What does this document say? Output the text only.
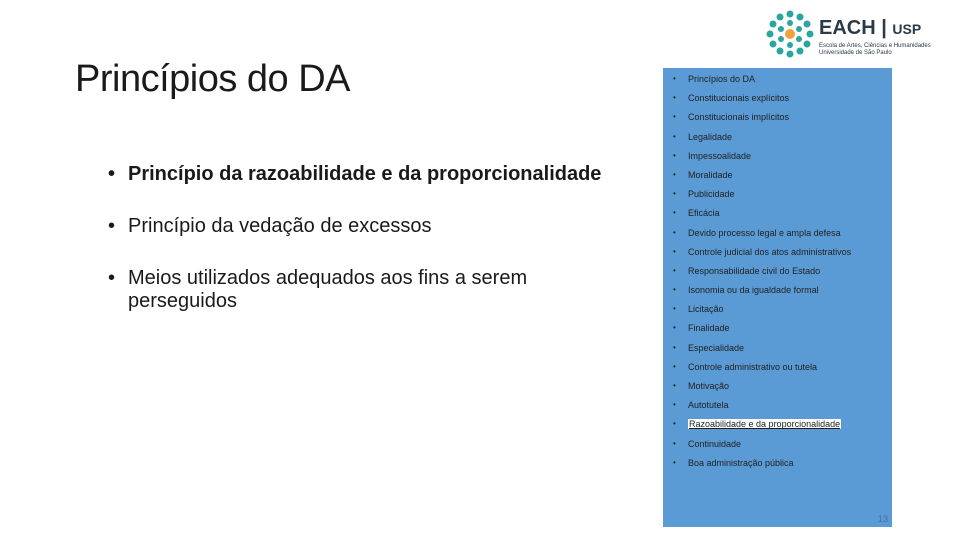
Princípios do DA
• Princípio da razoabilidade e da proporcionalidade
• Princípio da vedação de excessos
• Meios utilizados adequados aos fins a serem perseguidos
EACH | USP
Escola de Artes, Ciências e Humanidades Universidade de São Paulo
• Princípios do DA
• Constitucionais explícitos
• Constitucionais implícitos
• Legalidade
• Impessoalidade
• Moralidade
• Publicidade
• Eficácia
• Devido processo legal e ampla defesa
• Controle judicial dos atos administrativos
• Responsabilidade civil do Estado
• Isonomia ou da igualdade formal
• Licitação
• Finalidade
• Especialidade
• Controle administrativo ou tutela
• Motivação
• Autotutela
• Razoabilidade e da proporcionalidade
• Continuidade
• Boa administração pública
13
